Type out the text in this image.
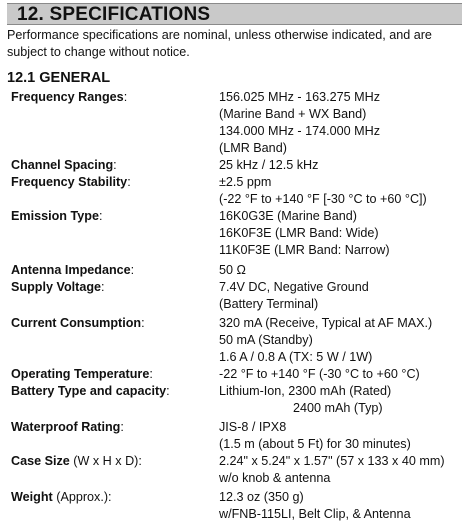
12. SPECIFICATIONS
Performance specifications are nominal, unless otherwise indicated, and are subject to change without notice.
12.1 GENERAL
Frequency Ranges:	156.025 MHz - 163.275 MHz
(Marine Band + WX Band)
134.000 MHz - 174.000 MHz
(LMR Band)
Channel Spacing:	25 kHz / 12.5 kHz
Frequency Stability:	±2.5 ppm
(-22 °F to +140 °F [-30 °C to +60 °C])
Emission Type:	16K0G3E (Marine Band)
16K0F3E (LMR Band: Wide)
11K0F3E (LMR Band: Narrow)
Antenna Impedance:	50 Ω
Supply Voltage:	7.4V DC, Negative Ground
(Battery Terminal)
Current Consumption:	320 mA (Receive, Typical at AF MAX.)
50 mA (Standby)
1.6 A / 0.8 A (TX: 5 W / 1W)
Operating Temperature:	-22 °F to +140 °F (-30 °C to +60 °C)
Battery Type and capacity:	Lithium-Ion, 2300 mAh (Rated)
2400 mAh (Typ)
Waterproof Rating:	JIS-8 / IPX8
(1.5 m (about 5 Ft) for 30 minutes)
Case Size (W x H x D):	2.24" x 5.24" x 1.57" (57 x 133 x 40 mm)
w/o knob & antenna
Weight (Approx.):	12.3 oz (350 g)
w/FNB-115LI, Belt Clip, & Antenna
